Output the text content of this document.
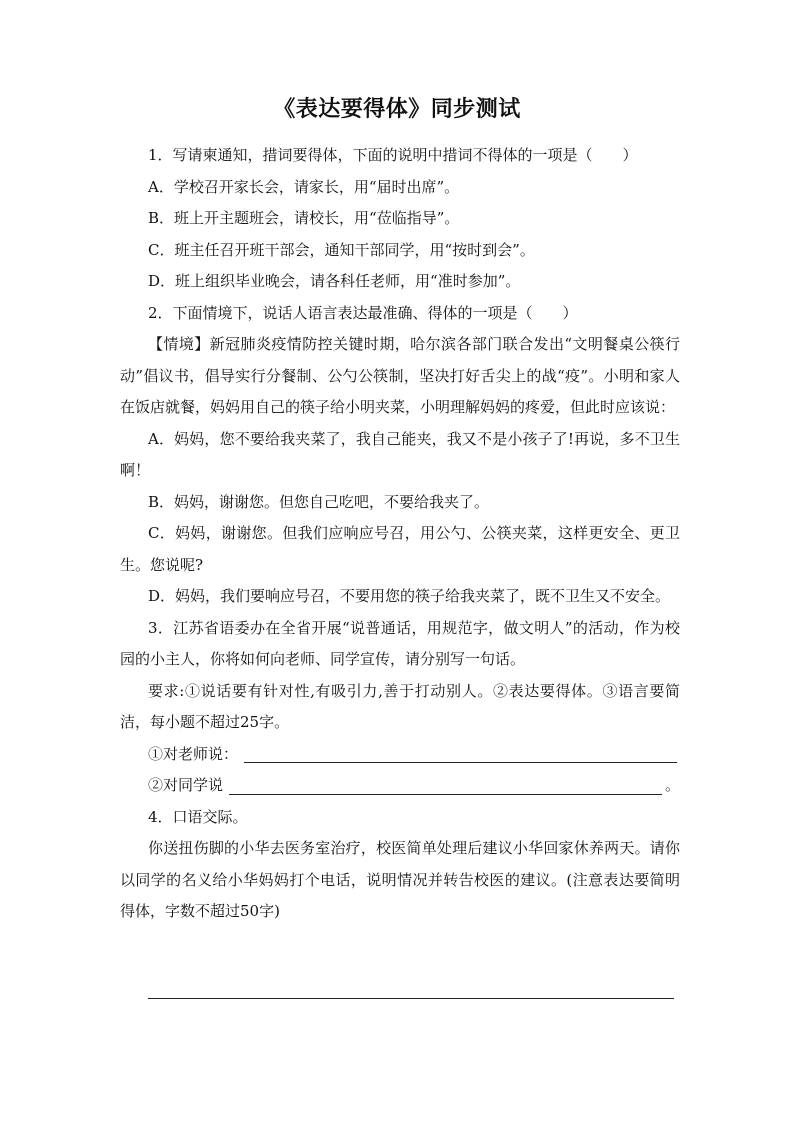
《表达要得体》同步测试

1．写请柬通知，措词要得体，下面的说明中措词不得体的一项是（　　）

A．学校召开家长会，请家长，用“届时出席”。

B．班上开主题班会，请校长，用“莅临指导”。

C．班主任召开班干部会，通知干部同学，用“按时到会”。

D．班上组织毕业晚会，请各科任老师，用“准时参加”。

2．下面情境下，说话人语言表达最准确、得体的一项是（　　）

【情境】新冠肺炎疫情防控关键时期，哈尔滨各部门联合发出“文明餐桌公筷行动”倡议书，倡导实行分餐制、公勺公筷制，坚决打好舌尖上的战“疫”。小明和家人在饭店就餐，妈妈用自己的筷子给小明夹菜，小明理解妈妈的疼爱，但此时应该说：

A．妈妈，您不要给我夹菜了，我自己能夹，我又不是小孩子了!再说，多不卫生啊！

B．妈妈，谢谢您。但您自己吃吧，不要给我夹了。

C．妈妈，谢谢您。但我们应响应号召，用公勺、公筷夹菜，这样更安全、更卫生。您说呢?

D．妈妈，我们要响应号召，不要用您的筷子给我夹菜了，既不卫生又不安全。

3．江苏省语委办在全省开展“说普通话，用规范字，做文明人”的活动，作为校园的小主人，你将如何向老师、同学宣传，请分别写一句话。

要求:①说话要有针对性,有吸引力,善于打动别人。②表达要得体。③语言要简洁，每小题不超过25字。

①对老师说：
②对同学说	。

4．口语交际。

你送扭伤脚的小华去医务室治疗，校医简单处理后建议小华回家休养两天。请你以同学的名义给小华妈妈打个电话，说明情况并转告校医的建议。(注意表达要简明得体，字数不超过50字)
